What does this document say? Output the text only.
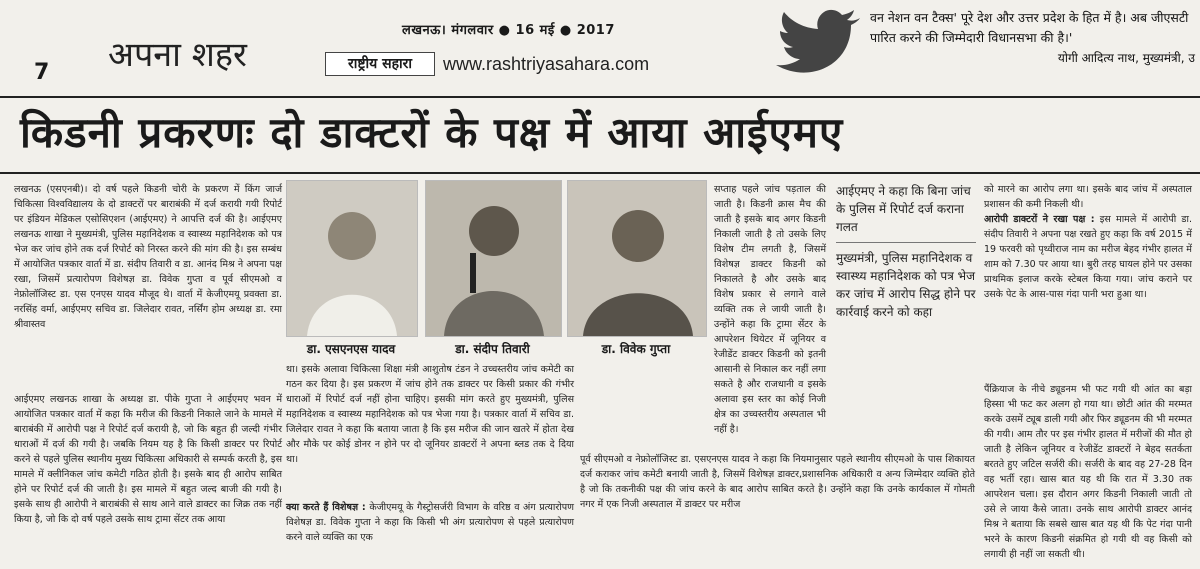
7 अपना शहर
लखनऊ। मंगलवार ● 16 मई ● 2017
राष्ट्रीय सहारा	www.rashtriyasahara.com
वन नेशन वन टैक्स' पूरे देश और उत्तर प्रदेश के हित में है। अब जीएसटी पारित करने की जिम्मेदारी विधानसभा की है।'
योगी आदित्य नाथ, मुख्यमंत्री, उ
किडनी प्रकरणः दो डाक्टरों के पक्ष में आया आईएमए

लखनऊ (एसएनबी)। दो वर्ष पहले किडनी चोरी के प्रकरण में किंग जार्ज चिकित्सा विश्वविद्यालय के दो डाक्टरों पर बाराबंकी में दर्ज करायी गयी रिपोर्ट पर इंडियन मेडिकल एसोसिएशन (आईएमए) ने आपत्ति दर्ज की है। आईएमए लखनऊ शाखा ने मुख्यमंत्री, पुलिस महानिदेशक व स्वास्थ्य महानिदेशक को पत्र भेज कर जांच होने तक दर्ज रिपोर्ट को निरस्त करने की मांग की है। इस सम्बंध में आयोजित पत्रकार वार्ता में डा. संदीप तिवारी व डा. आनंद मिश्र ने अपना पक्ष रखा, जिसमें प्रत्यारोपण विशेषज्ञ डा. विवेक गुप्ता व पूर्व सीएमओ व नेफ्रोलॉजिस्ट डा. एस एनएस यादव मौजूद थे। वार्ता में केजीएमयू प्रवक्ता डा. नरसिंह वर्मा, आईएमए सचिव डा. जिलेदार रावत, नर्सिंग होम अध्यक्ष डा. रमा श्रीवास्तव

आईएमए लखनऊ शाखा के अध्यक्ष डा. पीके गुप्ता ने आईएमए भवन में आयोजित पत्रकार वार्ता में कहा कि मरीज की किडनी निकाले जाने के मामले में बाराबंकी में आरोपी पक्ष ने रिपोर्ट दर्ज करायी है, जो कि बहुत ही जल्दी गंभीर धाराओं में दर्ज की गयी है। जबकि नियम यह है कि किसी डाक्टर पर रिपोर्ट करने से पहले पुलिस स्थानीय मुख्य चिकित्सा अधिकारी से सम्पर्क करती है, इस मामले में क्लीनिकल जांच कमेटी गठित होती है। इसके बाद ही आरोप साबित होने पर रिपोर्ट दर्ज की जाती है। इस मामले में बहुत जल्द बाजी की गयी है। इसके साथ ही आरोपी ने बाराबंकी से साथ आने वाले डाक्टर का जिक्र तक नहीं किया है, जो कि दो वर्ष पहले उसके साथ ट्रामा सेंटर तक आया

डा. एसएनएस यादव	डा. संदीप तिवारी	डा. विवेक गुप्ता

था। इसके अलावा चिकित्सा शिक्षा मंत्री आशुतोष टंडन ने उच्चस्तरीय जांच कमेटी का गठन कर दिया है। इस प्रकरण में जांच होने तक डाक्टर पर किसी प्रकार की गंभीर धाराओं में रिपोर्ट दर्ज नहीं होना चाहिए। इसकी मांग करते हुए मुख्यमंत्री, पुलिस महानिदेशक व स्वास्थ्य महानिदेशक को पत्र भेजा गया है। पत्रकार वार्ता में सचिव डा. जिलेदार रावत ने कहा कि बताया जाता है कि इस मरीज की जान खतरे में होता देख और मौके पर कोई डोनर न होने पर दो जूनियर डाक्टरों ने अपना ब्लड तक दे दिया था।

क्या करते हैं विशेषज्ञ : केजीएमयू के गैस्ट्रोसर्जरी विभाग के वरिष्ठ व अंग प्रत्यारोपण विशेषज्ञ डा. विवेक गुप्ता ने कहा कि किसी भी अंग प्रत्यारोपण से पहले प्रत्यारोपण करने वाले व्यक्ति का एक

सप्ताह पहले जांच पड़ताल की जाती है। किडनी क्रास मैच की जाती है इसके बाद अगर किडनी निकाली जाती है तो उसके लिए विशेष टीम लगती है, जिसमें विशेषज्ञ डाक्टर किडनी को निकालते है और उसके बाद विशेष प्रकार से लगाने वाले व्यक्ति तक ले जायी जाती है। उन्होंने कहा कि ट्रामा सेंटर के आपरेशन थियेटर में जूनियर व रेजीडेंट डाक्टर किडनी को इतनी आसानी से निकाल कर नहीं लगा सकते है और राजधानी व इसके अलावा इस स्तर का कोई निजी क्षेत्र का उच्चस्तरीय अस्पताल भी नहीं है।

पूर्व सीएमओ व नेफ्रोलॉजिस्ट डा. एसएनएस यादव ने कहा कि नियमानुसार पहले स्थानीय सीएमओ के पास शिकायत दर्ज कराकर जांच कमेटी बनायी जाती है, जिसमें विशेषज्ञ डाक्टर,प्रशासनिक अधिकारी व अन्य जिम्मेदार व्यक्ति होते है जो कि तकनीकी पक्ष की जांच करने के बाद आरोप साबित करते है। उन्होंने कहा कि उनके कार्यकाल में गोमती नगर में एक निजी अस्पताल में डाक्टर पर मरीज

आईएमए ने कहा कि बिना जांच के पुलिस में रिपोर्ट दर्ज कराना गलत
मुख्यमंत्री, पुलिस महानिदेशक व स्वास्थ्य महानिदेशक को पत्र भेज कर जांच में आरोप सिद्ध होने पर कार्रवाई करने को कहा

को मारने का आरोप लगा था। इसके बाद जांच में अस्पताल प्रशासन की कमी निकली थी।

आरोपी डाक्टरों ने रखा पक्ष : इस मामले में आरोपी डा. संदीप तिवारी ने अपना पक्ष रखते हुए कहा कि वर्ष 2015 में 19 फरवरी को पृथ्वीराज नाम का मरीज बेहद गंभीर हालत में शाम को 7.30 पर आया था। बुरी तरह घायल होने पर उसका प्राथमिक इलाज करके स्टेबल किया गया। जांच कराने पर उसके पेट के आस-पास गंदा पानी भरा हुआ था।

पैंक्रियाज के नीचे ड्यूडनम भी फट गयी थी आंत का बड़ा हिस्सा भी फट कर अलग हो गया था। छोटी आंत की मरम्मत करके उसमें ट्यूब डाली गयी और फिर ड्यूडनम की भी मरम्मत की गयी। आम तौर पर इस गंभीर हालत में मरीजों की मौत हो जाती है लेकिन जूनियर व रेजीडेंट डाक्टरों ने बेहद सतर्कता बरतते हुए जटिल सर्जरी की। सर्जरी के बाद वह 27-28 दिन वह भर्ती रहा। खास बात यह थी कि रात में 3.30 तक आपरेशन चला। इस दौरान अगर किडनी निकाली जाती तो उसे ले जाया कैसे जाता। उनके साथ आरोपी डाक्टर आनंद मिश्र ने बताया कि सबसे खास बात यह थी कि पेट गंदा पानी भरने के कारण किडनी संक्रमित हो गयी थी वह किसी को लगायी ही नहीं जा सकती थी।
